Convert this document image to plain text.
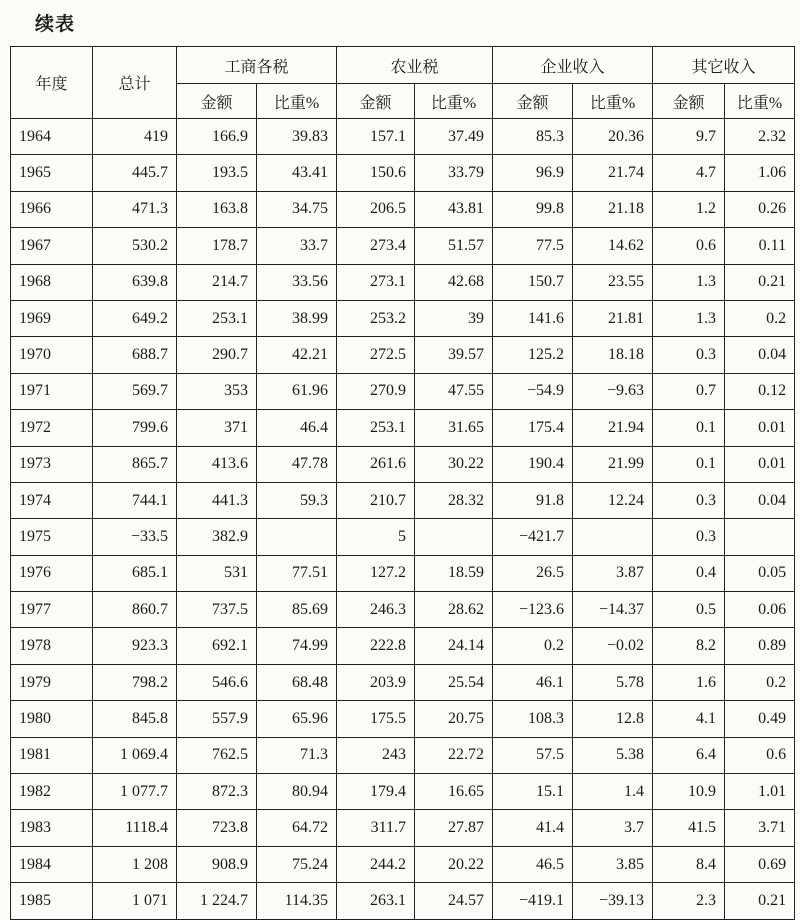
续表
年度	总计	工商各税		农业税		企业收入		其它收入	
		金额	比重%	金额	比重%	金额	比重%	金额	比重%
1964	419	166.9	39.83	157.1	37.49	85.3	20.36	9.7	2.32
1965	445.7	193.5	43.41	150.6	33.79	96.9	21.74	4.7	1.06
1966	471.3	163.8	34.75	206.5	43.81	99.8	21.18	1.2	0.26
1967	530.2	178.7	33.7	273.4	51.57	77.5	14.62	0.6	0.11
1968	639.8	214.7	33.56	273.1	42.68	150.7	23.55	1.3	0.21
1969	649.2	253.1	38.99	253.2	39	141.6	21.81	1.3	0.2
1970	688.7	290.7	42.21	272.5	39.57	125.2	18.18	0.3	0.04
1971	569.7	353	61.96	270.9	47.55	−54.9	−9.63	0.7	0.12
1972	799.6	371	46.4	253.1	31.65	175.4	21.94	0.1	0.01
1973	865.7	413.6	47.78	261.6	30.22	190.4	21.99	0.1	0.01
1974	744.1	441.3	59.3	210.7	28.32	91.8	12.24	0.3	0.04
1975	−33.5	382.9		5		−421.7		0.3	
1976	685.1	531	77.51	127.2	18.59	26.5	3.87	0.4	0.05
1977	860.7	737.5	85.69	246.3	28.62	−123.6	−14.37	0.5	0.06
1978	923.3	692.1	74.99	222.8	24.14	0.2	−0.02	8.2	0.89
1979	798.2	546.6	68.48	203.9	25.54	46.1	5.78	1.6	0.2
1980	845.8	557.9	65.96	175.5	20.75	108.3	12.8	4.1	0.49
1981	1 069.4	762.5	71.3	243	22.72	57.5	5.38	6.4	0.6
1982	1 077.7	872.3	80.94	179.4	16.65	15.1	1.4	10.9	1.01
1983	1118.4	723.8	64.72	311.7	27.87	41.4	3.7	41.5	3.71
1984	1 208	908.9	75.24	244.2	20.22	46.5	3.85	8.4	0.69
1985	1 071	1 224.7	114.35	263.1	24.57	−419.1	−39.13	2.3	0.21
